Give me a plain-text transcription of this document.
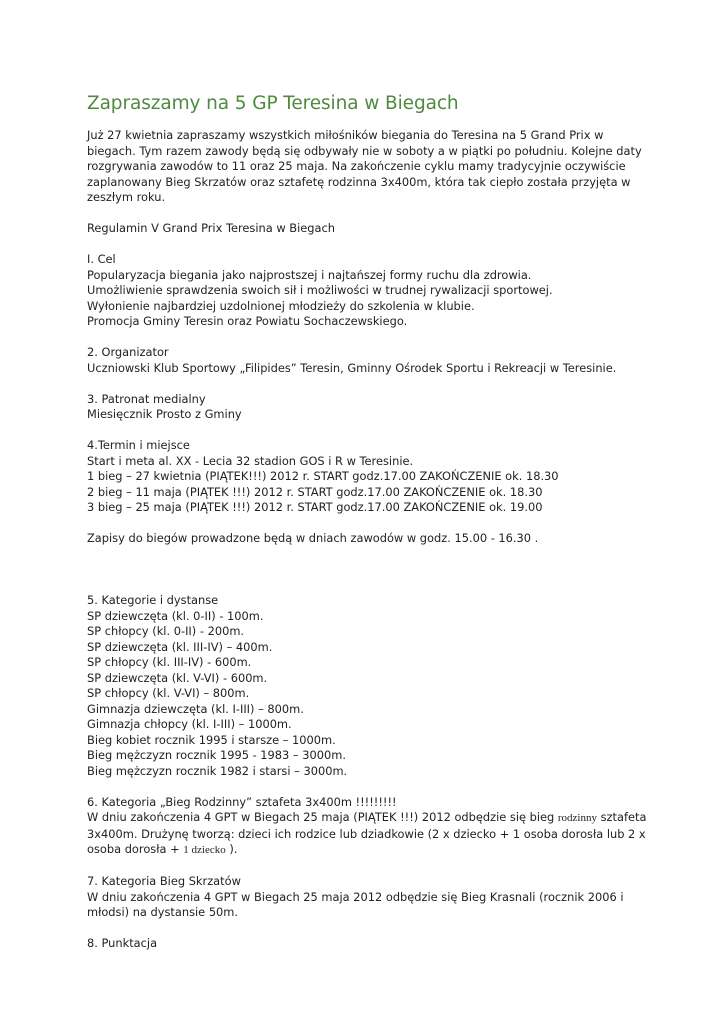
Zapraszamy na 5 GP Teresina w Biegach

Już 27 kwietnia zapraszamy wszystkich miłośników biegania do Teresina na 5 Grand Prix w
biegach. Tym razem zawody będą się odbywały nie w soboty a w piątki po południu. Kolejne daty
rozgrywania zawodów to 11 oraz 25 maja. Na zakończenie cyklu mamy tradycyjnie oczywiście
zaplanowany Bieg Skrzatów oraz sztafetę rodzinna 3x400m, która tak ciepło została przyjęta w
zeszłym roku.

Regulamin V Grand Prix Teresina w Biegach

I. Cel
Popularyzacja biegania jako najprostszej i najtańszej formy ruchu dla zdrowia.
Umożliwienie sprawdzenia swoich sił i możliwości w trudnej rywalizacji sportowej.
Wyłonienie najbardziej uzdolnionej młodzieży do szkolenia w klubie.
Promocja Gminy Teresin oraz Powiatu Sochaczewskiego.

2. Organizator
Uczniowski Klub Sportowy „Filipides” Teresin, Gminny Ośrodek Sportu i Rekreacji w Teresinie.

3. Patronat medialny
Miesięcznik Prosto z Gminy

4.Termin i miejsce
Start i meta al. XX - Lecia 32 stadion GOS i R w Teresinie.
1 bieg – 27 kwietnia (PIĄTEK!!!) 2012 r. START godz.17.00 ZAKOŃCZENIE ok. 18.30
2 bieg – 11 maja (PIĄTEK !!!) 2012 r. START godz.17.00 ZAKOŃCZENIE ok. 18.30
3 bieg – 25 maja (PIĄTEK !!!) 2012 r. START godz.17.00 ZAKOŃCZENIE ok. 19.00

Zapisy do biegów prowadzone będą w dniach zawodów w godz. 15.00 - 16.30 .

5. Kategorie i dystanse
SP dziewczęta (kl. 0-II) - 100m.
SP chłopcy (kl. 0-II) - 200m.
SP dziewczęta (kl. III-IV) – 400m.
SP chłopcy (kl. III-IV) - 600m.
SP dziewczęta (kl. V-VI) - 600m.
SP chłopcy (kl. V-VI) – 800m.
Gimnazja dziewczęta (kl. I-III) – 800m.
Gimnazja chłopcy (kl. I-III) – 1000m.
Bieg kobiet rocznik 1995 i starsze – 1000m.
Bieg mężczyzn rocznik 1995 - 1983 – 3000m.
Bieg mężczyzn rocznik 1982 i starsi – 3000m.

6. Kategoria „Bieg Rodzinny” sztafeta 3x400m !!!!!!!!!
W dniu zakończenia 4 GPT w Biegach 25 maja (PIĄTEK !!!) 2012 odbędzie się bieg rodzinny sztafeta
3x400m. Drużynę tworzą: dzieci ich rodzice lub dziadkowie (2 x dziecko + 1 osoba dorosła lub 2 x
osoba dorosła + 1 dziecko ).

7. Kategoria Bieg Skrzatów
W dniu zakończenia 4 GPT w Biegach 25 maja 2012 odbędzie się Bieg Krasnali (rocznik 2006 i
młodsi) na dystansie 50m.

8. Punktacja
